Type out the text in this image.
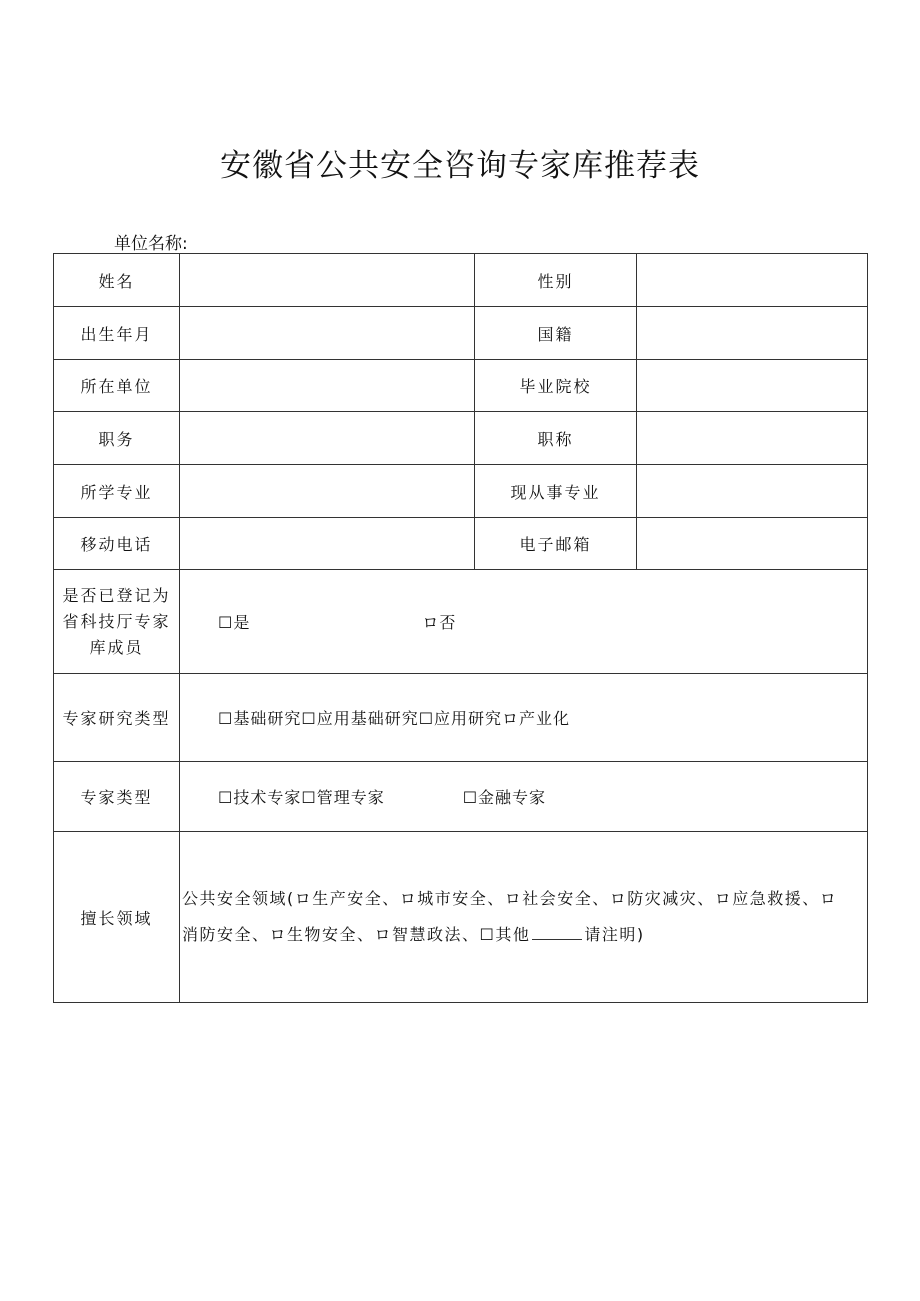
安徽省公共安全咨询专家库推荐表
单位名称:
姓名		性别	
出生年月		国籍	
所在单位		毕业院校	
职务		职称	
所学专业		现从事专业	
移动电话		电子邮箱	
是否已登记为省科技厅专家库成员	☐是 ロ否		

专家研究类型	☐基础研究☐应用基础研究☐应用研究ロ产业化		

专家类型	☐技术专家☐管理专家 ☐金融专家		

擅长领域	公共安全领域(ロ生产安全、ロ城市安全、ロ社会安全、ロ防灾减灾、ロ应急救援、ロ消防安全、ロ生物安全、ロ智慧政法、☐其他 请注明)		
